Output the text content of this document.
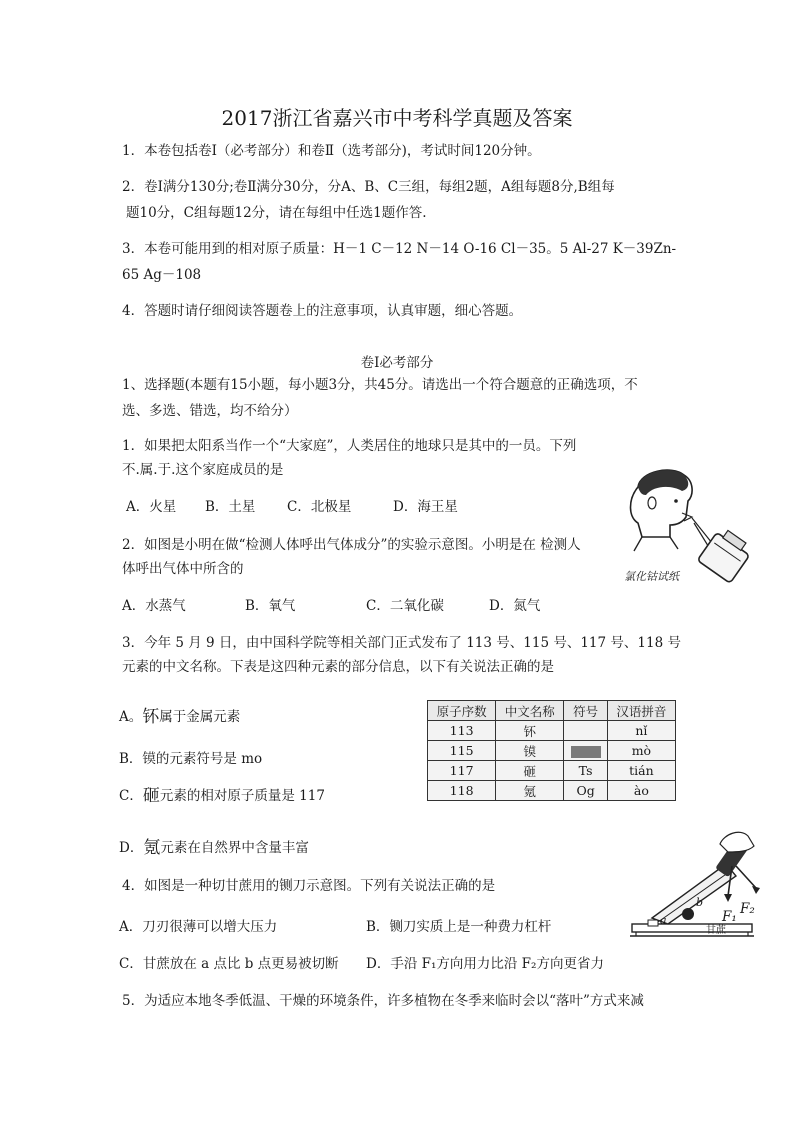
2017浙江省嘉兴市中考科学真题及答案

1．本卷包括卷Ⅰ（必考部分）和卷Ⅱ（选考部分)，考试时间120分钟。

2．卷Ⅰ满分130分;卷Ⅱ满分30分，分A、B、C三组，每组2题，A组每题8分,B组每

题10分，C组每题12分，请在每组中任选1题作答.

3．本卷可能用到的相对原子质量：H－1 C－12 N－14 O-16 Cl－35。5 Al-27 K－39Zn-

65 Ag－108

4．答题时请仔细阅读答题卷上的注意事项，认真审题，细心答题。

卷Ⅰ必考部分

1、选择题(本题有15小题，每小题3分，共45分。请选出一个符合题意的正确选项，不

选、多选、错选，均不给分）

1．如果把太阳系当作一个“大家庭”，人类居住的地球只是其中的一员。下列

不.属.于.这个家庭成员的是

A．火星 B．土星 C．北极星	D．海王星

2．如图是小明在做“检测人体呼出气体成分”的实验示意图。小明是在 检测人

体呼出气体中所含的

A．水蒸气	B．氧气	C．二氧化碳	D．氮气

氯化钴试纸

3．今年 5 月 9 日，由中国科学院等相关部门正式发布了 113 号、115 号、117 号、118 号

元素的中文名称。下表是这四种元素的部分信息，以下有关说法正确的是

A。钚属于金属元素

B．镆的元素符号是 mo

C．砸元素的相对原子质量是 117

D．氪元素在自然界中含量丰富

原子序数	中文名称	符号	汉语拼音
113	钚		nǐ
115	镆		mò
117	砸	Ts	tián
118	氪	Og	ào

4．如图是一种切甘蔗用的铡刀示意图。下列有关说法正确的是

A．刀刃很薄可以增大压力	B．铡刀实质上是一种费力杠杆

C．甘蔗放在 a 点比 b 点更易被切断 D．手沿 F₁方向用力比沿 F₂方向更省力

F₂

F₁

a

b

甘蔗

5．为适应本地冬季低温、干燥的环境条件，许多植物在冬季来临时会以“落叶”方式来减
